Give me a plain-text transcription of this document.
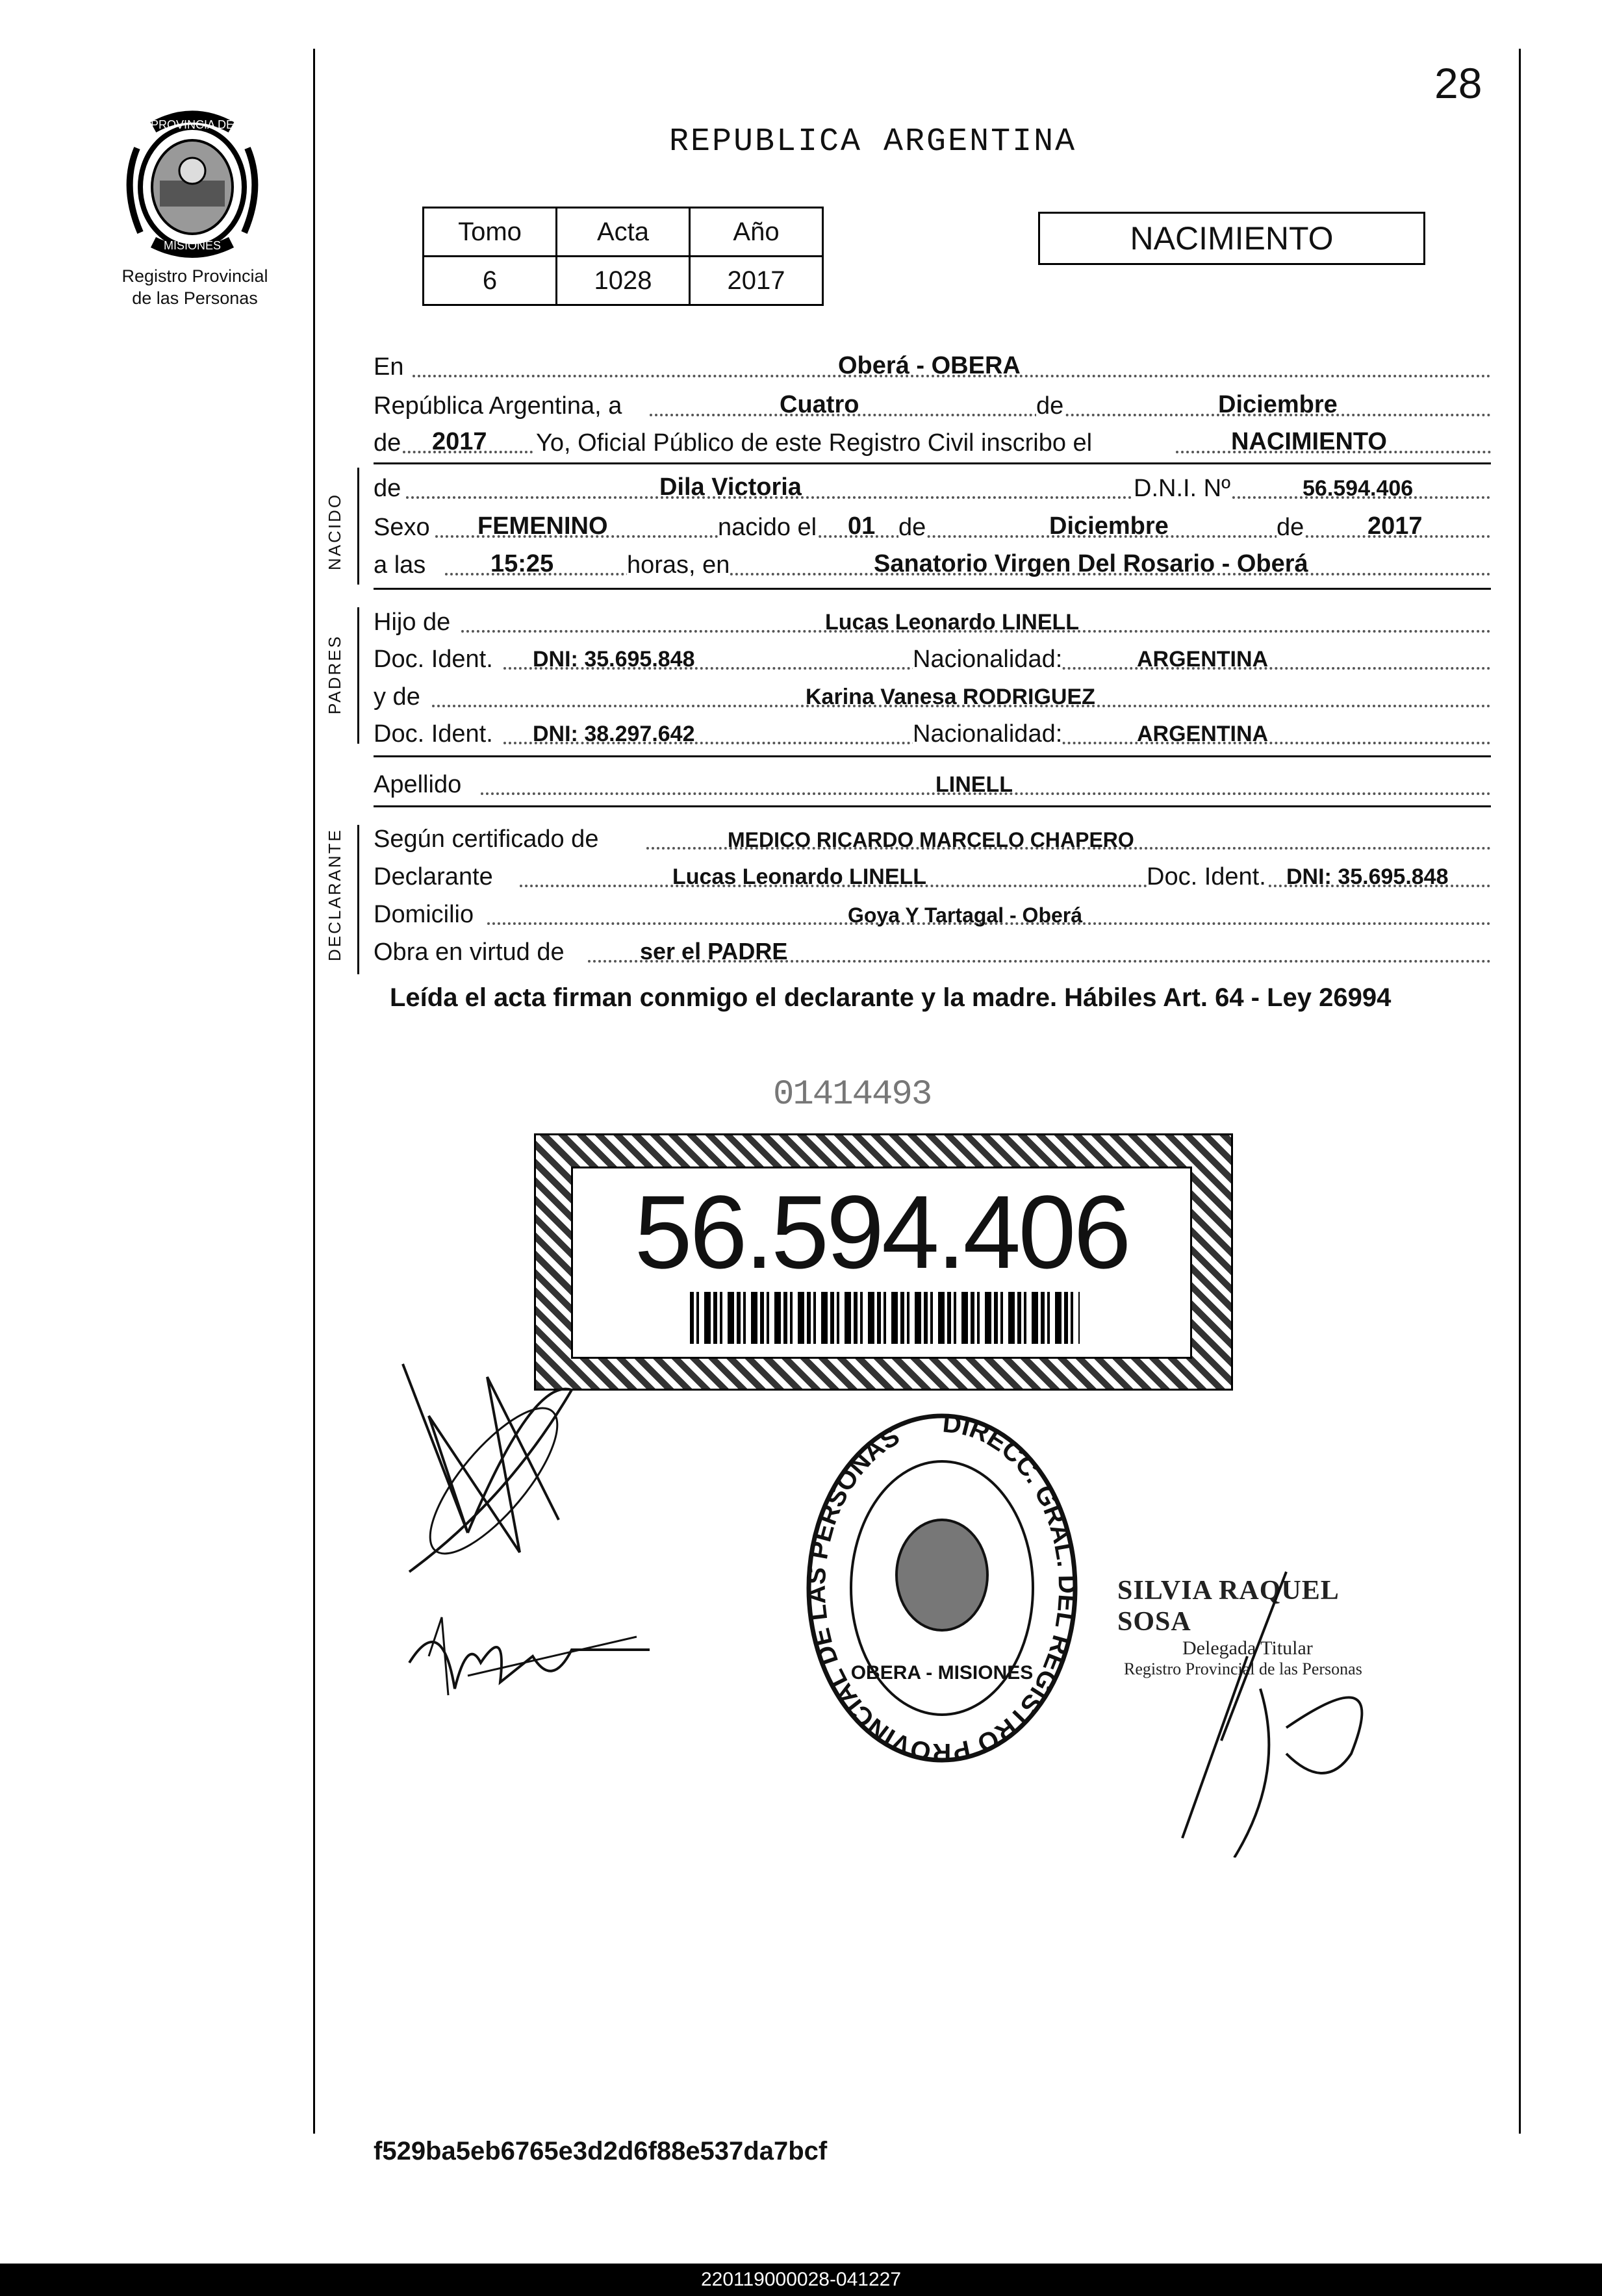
28
PROVINCIA DE
MISIONES
Registro Provincial
de las Personas
REPUBLICA ARGENTINA
Tomo	Acta	Año
6	1028	2017
NACIMIENTO
En	Oberá - OBERA
República Argentina, a	Cuatro	de	Diciembre
de 2017 Yo, Oficial Público de este Registro Civil inscribo el	NACIMIENTO
NACIDO
de	Dila Victoria	D.N.I. Nº	56.594.406
Sexo FEMENINO	nacido el 01 de	Diciembre	de	2017
a las	15:25	horas, en	Sanatorio Virgen Del Rosario - Oberá
PADRES
Hijo de	Lucas Leonardo LINELL
Doc. Ident. DNI: 35.695.848	Nacionalidad:	ARGENTINA
y de	Karina Vanesa RODRIGUEZ
Doc. Ident. DNI: 38.297.642	Nacionalidad:	ARGENTINA
Apellido	LINELL
DECLARANTE Según certificado de	MEDICO RICARDO MARCELO CHAPERO
Declarante	Lucas Leonardo LINELL	Doc. Ident. DNI: 35.695.848
Domicilio	Goya Y Tartagal - Oberá
Obra en virtud de	ser el PADRE
Leída el acta firman conmigo el declarante y la madre. Hábiles Art. 64 - Ley 26994
01414493
56.594.406
DIRECC. GRAL. DEL REGISTRO PROVINCIAL DE LAS PERSONAS
OBERA - MISIONES
SILVIA RAQUEL SOSA
Delegada Titular
Registro Provincial de las Personas
f529ba5eb6765e3d2d6f88e537da7bcf
220119000028-041227
